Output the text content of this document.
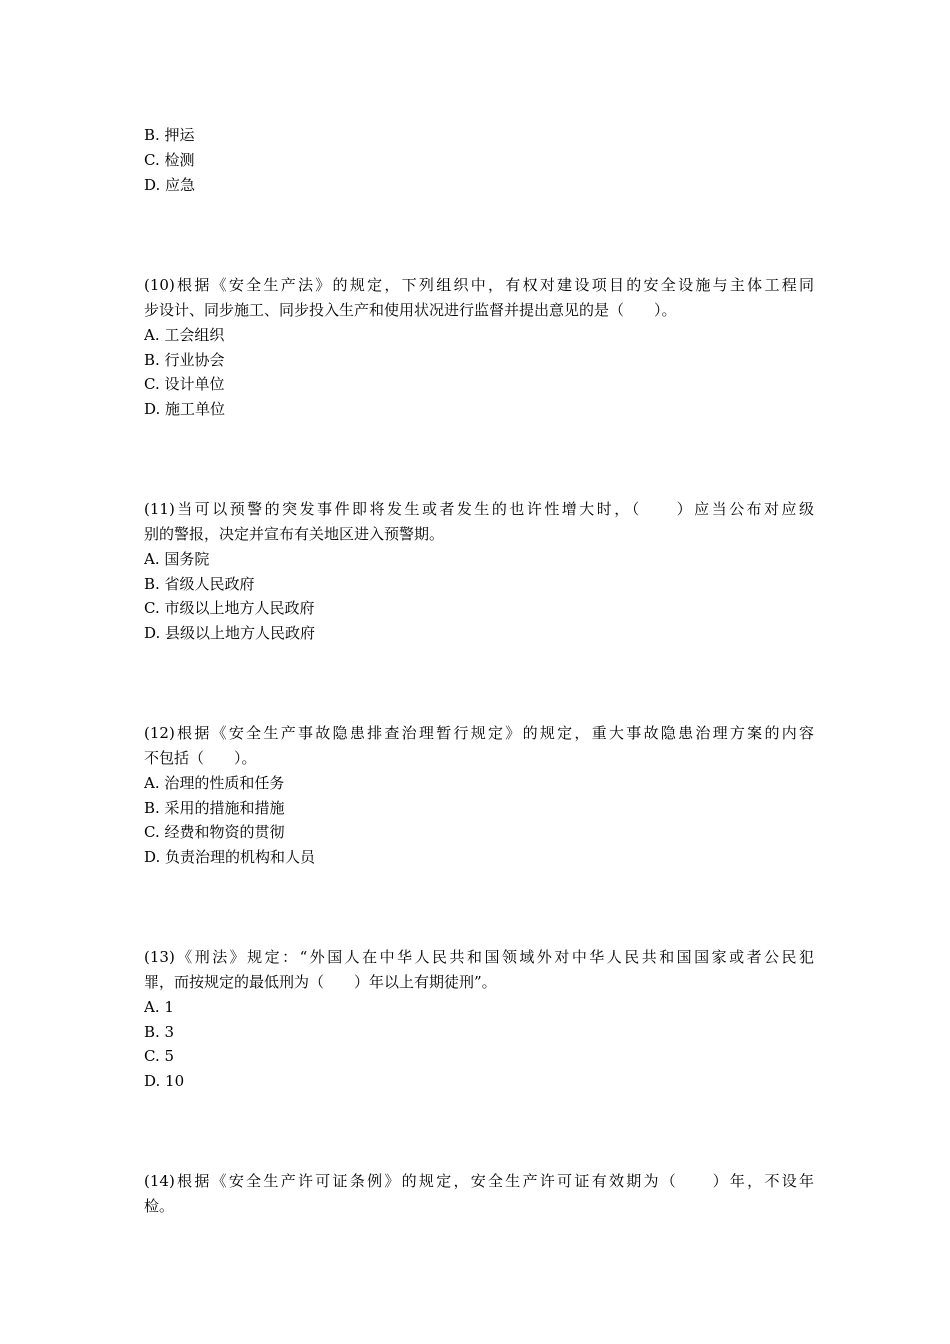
B. 押运
C. 检测
D. 应急
(10)根据《安全生产法》的规定，下列组织中，有权对建设项目的安全设施与主体工程同
步设计、同步施工、同步投入生产和使用状况进行监督并提出意见的是（　　）。
A. 工会组织
B. 行业协会
C. 设计单位
D. 施工单位
(11)当可以预警的突发事件即将发生或者发生的也许性增大时，（　　）应当公布对应级
别的警报，决定并宣布有关地区进入预警期。
A. 国务院
B. 省级人民政府
C. 市级以上地方人民政府
D. 县级以上地方人民政府
(12)根据《安全生产事故隐患排查治理暂行规定》的规定，重大事故隐患治理方案的内容
不包括（　　）。
A. 治理的性质和任务
B. 采用的措施和措施
C. 经费和物资的贯彻
D. 负责治理的机构和人员
(13)《刑法》规定：“外国人在中华人民共和国领域外对中华人民共和国国家或者公民犯
罪，而按规定的最低刑为（　　）年以上有期徒刑”。
A. 1
B. 3
C. 5
D. 10
(14)根据《安全生产许可证条例》的规定，安全生产许可证有效期为（　　）年，不设年
检。
